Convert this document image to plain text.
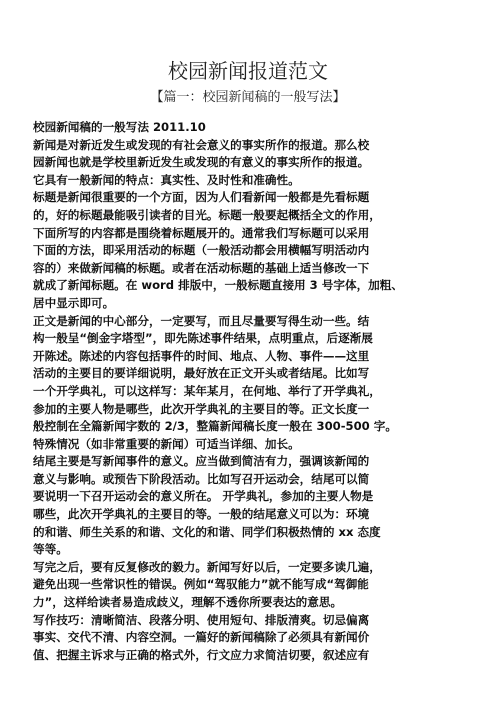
校园新闻报道范文
【篇一：校园新闻稿的一般写法】
校园新闻稿的一般写法 2011.10
新闻是对新近发生或发现的有社会意义的事实所作的报道。那么校
园新闻也就是学校里新近发生或发现的有意义的事实所作的报道。
它具有一般新闻的特点：真实性、及时性和准确性。
标题是新闻很重要的一个方面，因为人们看新闻一般都是先看标题
的，好的标题最能吸引读者的目光。标题一般要起概括全文的作用，
下面所写的内容都是围绕着标题展开的。通常我们写标题可以采用
下面的方法，即采用活动的标题（一般活动都会用横幅写明活动内
容的）来做新闻稿的标题。或者在活动标题的基础上适当修改一下
就成了新闻标题。在 word 排版中，一般标题直接用 3 号字体，加粗、
居中显示即可。
正文是新闻的中心部分，一定要写，而且尽量要写得生动一些。结
构一般呈“倒金字塔型”，即先陈述事件结果，点明重点，后逐渐展
开陈述。陈述的内容包括事件的时间、地点、人物、事件——这里
活动的主要目的要详细说明，最好放在正文开头或者结尾。比如写
一个开学典礼，可以这样写：某年某月，在何地、举行了开学典礼，
参加的主要人物是哪些，此次开学典礼的主要目的等。正文长度一
般控制在全篇新闻字数的 2/3，整篇新闻稿长度一般在 300-500 字。
特殊情况（如非常重要的新闻）可适当详细、加长。
结尾主要是写新闻事件的意义。应当做到简洁有力，强调该新闻的
意义与影响。或预告下阶段活动。比如写召开运动会，结尾可以简
要说明一下召开运动会的意义所在。 开学典礼，参加的主要人物是
哪些，此次开学典礼的主要目的等。一般的结尾意义可以为：环境
的和谐、师生关系的和谐、文化的和谐、同学们积极热情的 xx 态度
等等。
写完之后，要有反复修改的毅力。新闻写好以后，一定要多读几遍，
避免出现一些常识性的错误。例如“驾驭能力”就不能写成“驾御能
力”，这样给读者易造成歧义，理解不透你所要表达的意思。
写作技巧：清晰简洁、段落分明、使用短句、排版清爽。切忌偏离
事实、交代不清、内容空洞。一篇好的新闻稿除了必须具有新闻价
值、把握主诉求与正确的格式外，行文应力求简洁切要，叙述应有
